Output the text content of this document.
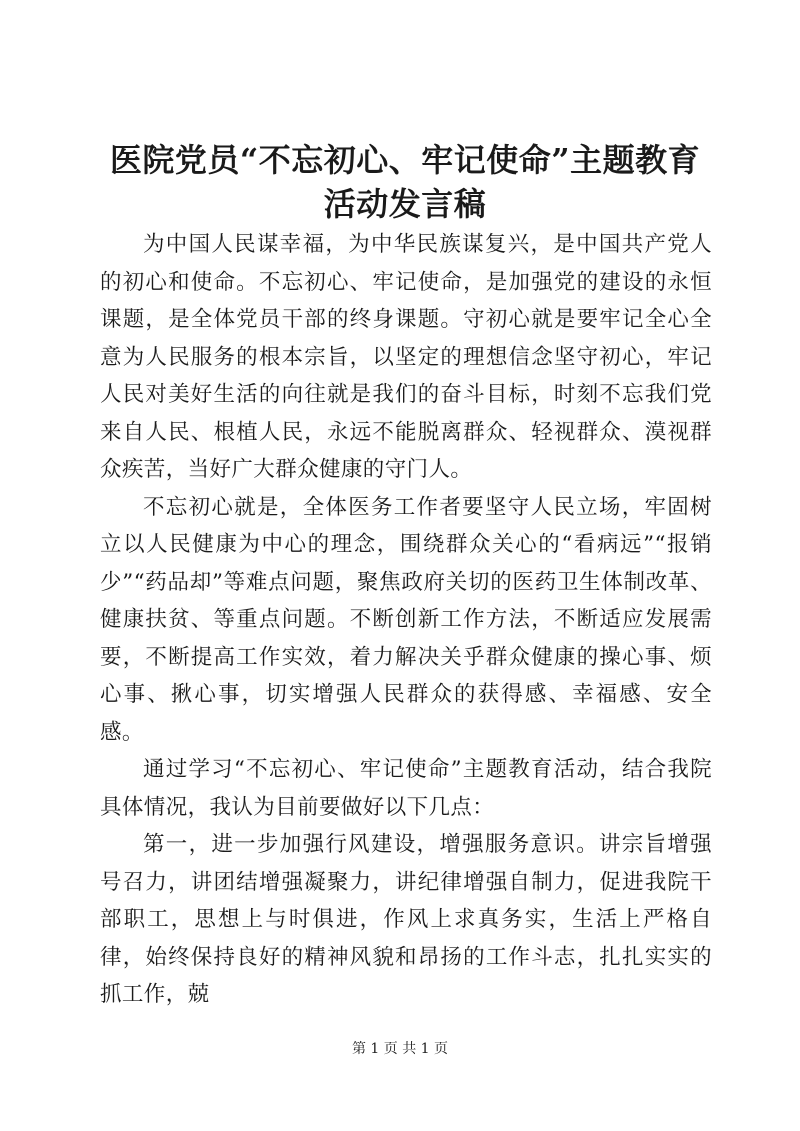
医院党员“不忘初心、牢记使命”主题教育活动发言稿

为中国人民谋幸福，为中华民族谋复兴，是中国共产党人的初心和使命。不忘初心、牢记使命，是加强党的建设的永恒课题，是全体党员干部的终身课题。守初心就是要牢记全心全意为人民服务的根本宗旨，以坚定的理想信念坚守初心，牢记人民对美好生活的向往就是我们的奋斗目标，时刻不忘我们党来自人民、根植人民，永远不能脱离群众、轻视群众、漠视群众疾苦，当好广大群众健康的守门人。

不忘初心就是，全体医务工作者要坚守人民立场，牢固树立以人民健康为中心的理念，围绕群众关心的“看病远”“报销少”“药品却”等难点问题，聚焦政府关切的医药卫生体制改革、健康扶贫、等重点问题。不断创新工作方法，不断适应发展需要，不断提高工作实效，着力解决关乎群众健康的操心事、烦心事、揪心事，切实增强人民群众的获得感、幸福感、安全感。

通过学习“不忘初心、牢记使命”主题教育活动，结合我院具体情况，我认为目前要做好以下几点：

第一，进一步加强行风建设，增强服务意识。讲宗旨增强号召力，讲团结增强凝聚力，讲纪律增强自制力，促进我院干部职工，思想上与时俱进，作风上求真务实，生活上严格自律，始终保持良好的精神风貌和昂扬的工作斗志，扎扎实实的抓工作，兢

第 1 页 共 1 页
